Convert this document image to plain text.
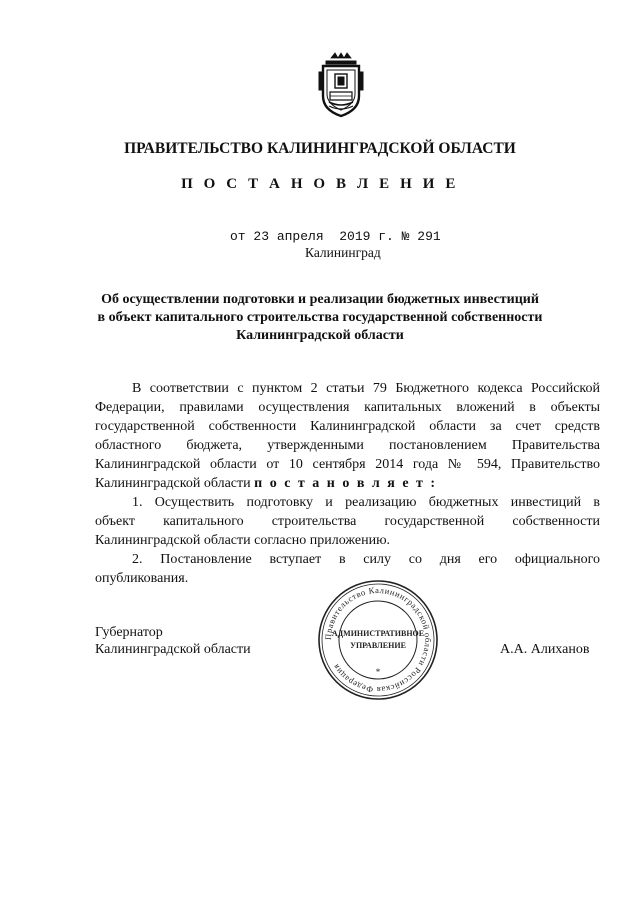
ПРАВИТЕЛЬСТВО КАЛИНИНГРАДСКОЙ ОБЛАСТИ
П О С Т А Н О В Л Е Н И Е
от 23 апреля  2019 г. № 291
Калининград
Об осуществлении подготовки и реализации бюджетных инвестиций
в объект капитального строительства государственной собственности
Калининградской области
В соответствии с пунктом 2 статьи 79 Бюджетного кодекса Российской
Федерации, правилами осуществления капитальных вложений в объекты
государственной собственности Калининградской области за счет средств
областного бюджета, утвержденными постановлением Правительства
Калининградской области от 10 сентября 2014 года № 594, Правительство
Калининградской области п о с т а н о в л я е т :
1. Осуществить подготовку и реализацию бюджетных инвестиций в
объект капитального строительства государственной собственности
Калининградской области согласно приложению.
2. Постановление вступает в силу со дня его официального
опубликования.
Правительство Калининградской области Российская Федерация
АДМИНИСТРАТИВНОЕ
УПРАВЛЕНИЕ
*
Губернатор
Калининградской области	А.А. Алиханов
